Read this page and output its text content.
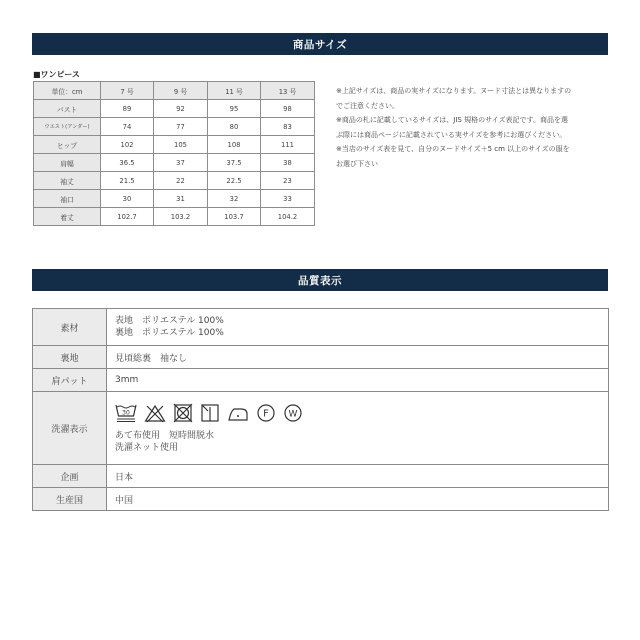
商品サイズ
■ワンピース
単位：cm	7 号	9 号	11 号	13 号
バスト	89	92	95	98
ウエスト(アンダー)	74	77	80	83
ヒップ	102	105	108	111
肩幅	36.5	37	37.5	38
袖丈	21.5	22	22.5	23
袖口	30	31	32	33
着丈	102.7	103.2	103.7	104.2

※上記サイズは、商品の実サイズになります。ヌード寸法とは異なりますの

でご注意ください。

※商品の札に記載しているサイズは、JIS 規格のサイズ表記です。商品を選

ぶ際には商品ページに記載されている実サイズを参考にお選びください。

※当店のサイズ表を見て、自分のヌードサイズ＋5 cm 以上のサイズの服を

お選び下さい

品質表示
素材	表地　ポリエステル 100%
裏地　ポリエステル 100%

裏地	見頃総裏　袖なし
肩パット	3mm
洗濯表示	30 F W
あて布使用　短時間脱水
洗濯ネット使用

企画	日本
生産国	中国
